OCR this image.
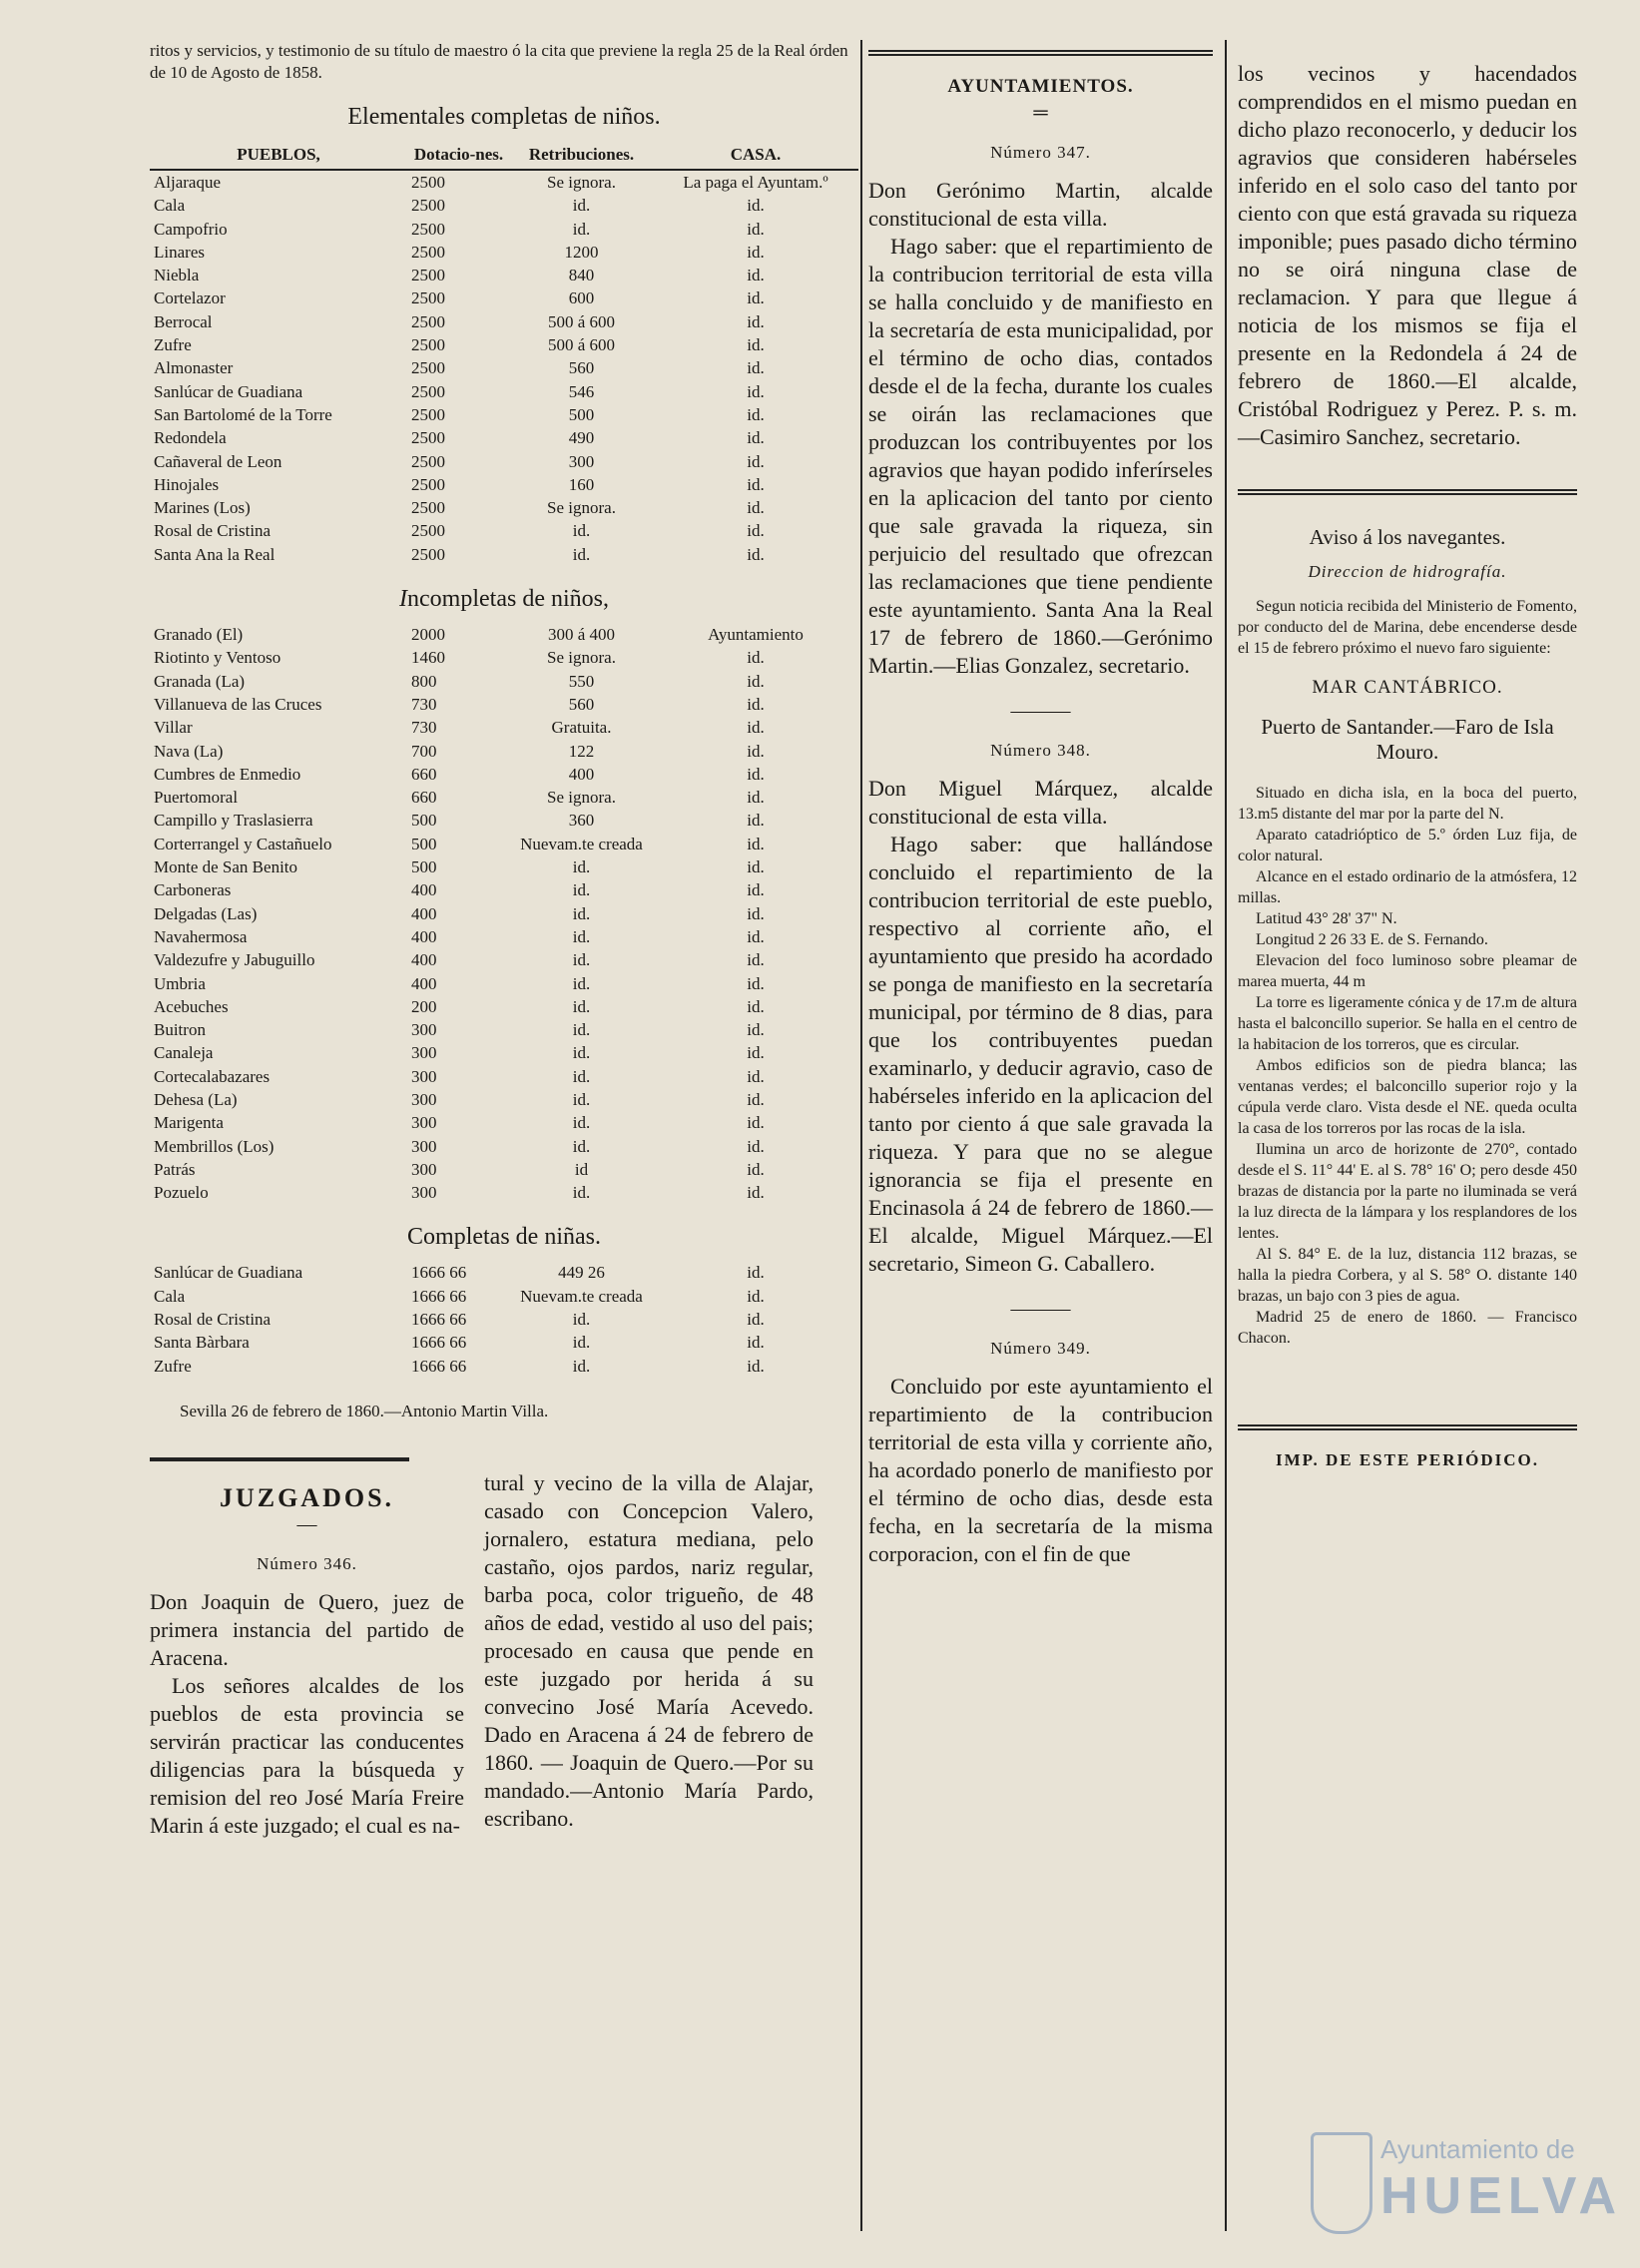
ritos y servicios, y testimonio de su título de maestro ó la cita que previene la regla 25 de la Real órden de 10 de Agosto de 1858.

Elementales completas de niños.
PUEBLOS,	Dotacio-nes.	Retribuciones.	CASA.
Aljaraque	2500	Se ignora.	La paga el Ayuntam.º
Cala	2500	id.	id.
Campofrio	2500	id.	id.
Linares	2500	1200	id.
Niebla	2500	840	id.
Cortelazor	2500	600	id.
Berrocal	2500	500 á 600	id.
Zufre	2500	500 á 600	id.
Almonaster	2500	560	id.
Sanlúcar de Guadiana	2500	546	id.
San Bartolomé de la Torre	2500	500	id.
Redondela	2500	490	id.
Cañaveral de Leon	2500	300	id.
Hinojales	2500	160	id.
Marines (Los)	2500	Se ignora.	id.
Rosal de Cristina	2500	id.	id.
Santa Ana la Real	2500	id.	id.
Incompletas de niños,
Granado (El)	2000	300 á 400	Ayuntamiento
Riotinto y Ventoso	1460	Se ignora.	id.
Granada (La)	800	550	id.
Villanueva de las Cruces	730	560	id.
Villar	730	Gratuita.	id.
Nava (La)	700	122	id.
Cumbres de Enmedio	660	400	id.
Puertomoral	660	Se ignora.	id.
Campillo y Traslasierra	500	360	id.
Corterrangel y Castañuelo	500	Nuevam.te creada	id.
Monte de San Benito	500	id.	id.
Carboneras	400	id.	id.
Delgadas (Las)	400	id.	id.
Navahermosa	400	id.	id.
Valdezufre y Jabuguillo	400	id.	id.
Umbria	400	id.	id.
Acebuches	200	id.	id.
Buitron	300	id.	id.
Canaleja	300	id.	id.
Cortecalabazares	300	id.	id.
Dehesa (La)	300	id.	id.
Marigenta	300	id.	id.
Membrillos (Los)	300	id.	id.
Patrás	300	id	id.
Pozuelo	300	id.	id.
Completas de niñas.
Sanlúcar de Guadiana	1666 66	449 26	id.
Cala	1666 66	Nuevam.te creada	id.
Rosal de Cristina	1666 66	id.	id.
Santa Bàrbara	1666 66	id.	id.
Zufre	1666 66	id.	id.
Sevilla 26 de febrero de 1860.—Antonio Martin Villa.
JUZGADOS.
—
Número 346.

Don Joaquin de Quero, juez de primera instancia del partido de Aracena.

Los señores alcaldes de los pueblos de esta provincia se servirán practicar las conducentes diligencias para la búsqueda y remision del reo José María Freire Marin á este juzgado; el cual es na-

tural y vecino de la villa de Alajar, casado con Concepcion Valero, jornalero, estatura mediana, pelo castaño, ojos pardos, nariz regular, barba poca, color trigueño, de 48 años de edad, vestido al uso del pais; procesado en causa que pende en este juzgado por herida á su convecino José María Acevedo. Dado en Aracena á 24 de febrero de 1860. — Joaquin de Quero.—Por su mandado.—Antonio María Pardo, escribano.

AYUNTAMIENTOS.
═
Número 347.

Don Gerónimo Martin, alcalde constitucional de esta villa.

Hago saber: que el repartimiento de la contribucion territorial de esta villa se halla concluido y de manifiesto en la secretaría de esta municipalidad, por el término de ocho dias, contados desde el de la fecha, durante los cuales se oirán las reclamaciones que produzcan los contribuyentes por los agravios que hayan podido inferírseles en la aplicacion del tanto por ciento que sale gravada la riqueza, sin perjuicio del resultado que ofrezcan las reclamaciones que tiene pendiente este ayuntamiento. Santa Ana la Real 17 de febrero de 1860.—Gerónimo Martin.—Elias Gonzalez, secretario.

———
Número 348.

Don Miguel Márquez, alcalde constitucional de esta villa.

Hago saber: que hallándose concluido el repartimiento de la contribucion territorial de este pueblo, respectivo al corriente año, el ayuntamiento que presido ha acordado se ponga de manifiesto en la secretaría municipal, por término de 8 dias, para que los contribuyentes puedan examinarlo, y deducir agravio, caso de habérseles inferido en la aplicacion del tanto por ciento á que sale gravada la riqueza. Y para que no se alegue ignorancia se fija el presente en Encinasola á 24 de febrero de 1860.—El alcalde, Miguel Márquez.—El secretario, Simeon G. Caballero.

———
Número 349.

Concluido por este ayuntamiento el repartimiento de la contribucion territorial de esta villa y corriente año, ha acordado ponerlo de manifiesto por el término de ocho dias, desde esta fecha, en la secretaría de la misma corporacion, con el fin de que

los vecinos y hacendados comprendidos en el mismo puedan en dicho plazo reconocerlo, y deducir los agravios que consideren habérseles inferido en el solo caso del tanto por ciento con que está gravada su riqueza imponible; pues pasado dicho término no se oirá ninguna clase de reclamacion. Y para que llegue á noticia de los mismos se fija el presente en la Redondela á 24 de febrero de 1860.—El alcalde, Cristóbal Rodriguez y Perez. P. s. m.—Casimiro Sanchez, secretario.

Aviso á los navegantes.
Direccion de hidrografía.

Segun noticia recibida del Ministerio de Fomento, por conducto del de Marina, debe encenderse desde el 15 de febrero próximo el nuevo faro siguiente:

MAR CANTÁBRICO.
Puerto de Santander.—Faro de Isla Mouro.

Situado en dicha isla, en la boca del puerto, 13.m5 distante del mar por la parte del N.

Aparato catadrióptico de 5.º órden Luz fija, de color natural.

Alcance en el estado ordinario de la atmósfera, 12 millas.

Latitud 43° 28' 37" N.

Longitud 2 26 33 E. de S. Fernando.

Elevacion del foco luminoso sobre pleamar de marea muerta, 44 m

La torre es ligeramente cónica y de 17.m de altura hasta el balconcillo superior. Se halla en el centro de la habitacion de los torreros, que es circular.

Ambos edificios son de piedra blanca; las ventanas verdes; el balconcillo superior rojo y la cúpula verde claro. Vista desde el NE. queda oculta la casa de los torreros por las rocas de la isla.

Ilumina un arco de horizonte de 270°, contado desde el S. 11° 44' E. al S. 78° 16' O; pero desde 450 brazas de distancia por la parte no iluminada se verá la luz directa de la lámpara y los resplandores de los lentes.

Al S. 84° E. de la luz, distancia 112 brazas, se halla la piedra Corbera, y al S. 58° O. distante 140 brazas, un bajo con 3 pies de agua.

Madrid 25 de enero de 1860. — Francisco Chacon.

IMP. DE ESTE PERIÓDICO.
Ayuntamiento de
HUELVA
